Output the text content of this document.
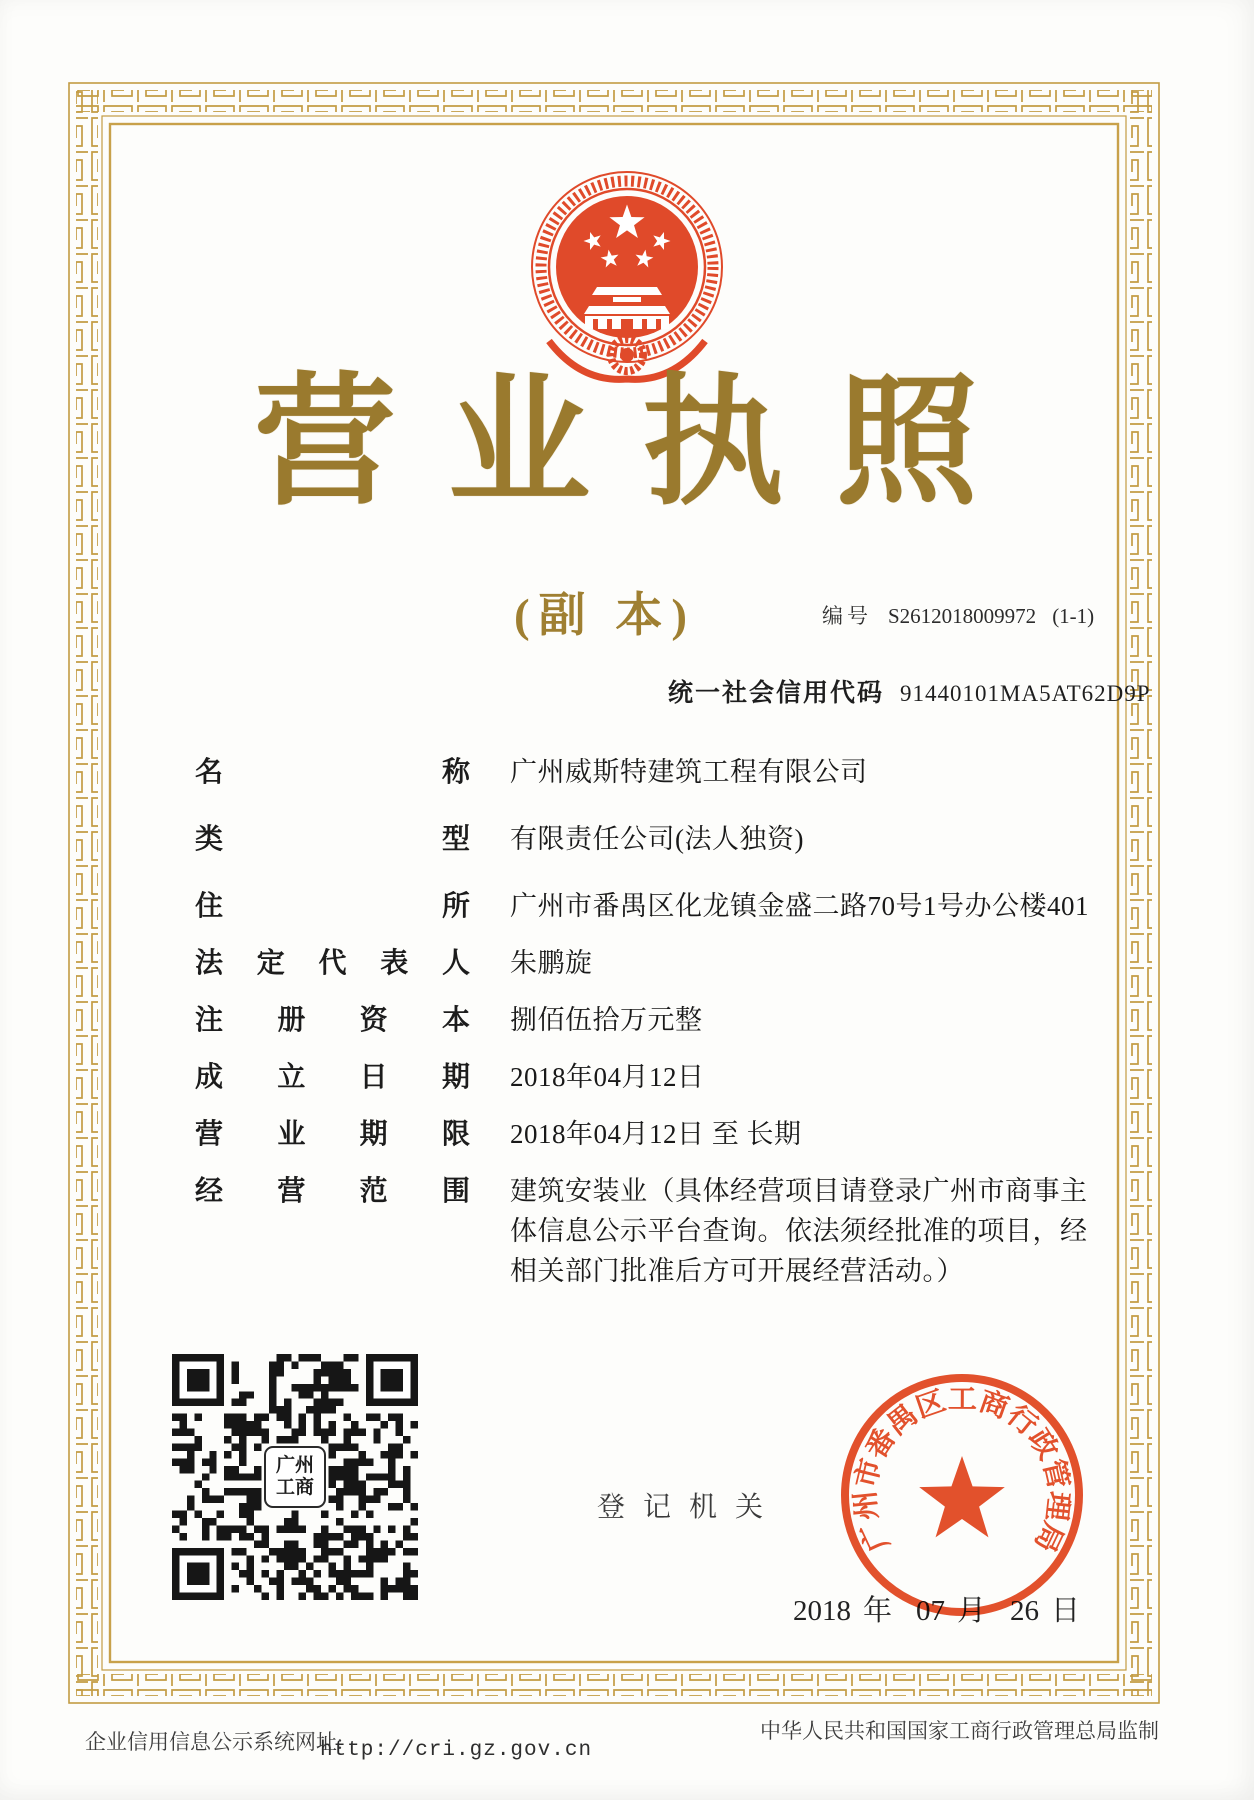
营业执照
(副 本)	编号 S2612018009972 (1-1)
统一社会信用代码 91440101MA5AT62D9P
名	称 广州威斯特建筑工程有限公司
类	型 有限责任公司(法人独资)
住	所 广州市番禺区化龙镇金盛二路70号1号办公楼401
法 定 代 表 人 朱鹏旋
注 册 资 本 捌佰伍拾万元整
成 立 日 期 2018年04月12日
营 业 期 限 2018年04月12日 至 长期
经 营 范 围 建筑安装业（具体经营项目请登录广州市商事主体信息公示平台查询。依法须经批准的项目，经相关部门批准后方可开展经营活动。）
广州
工商
登记机关
2018 年 07 月 26 日
广州市番禺区工商行政管理局
企业信用信息公示系统网址:
http://cri.gz.gov.cn
中华人民共和国国家工商行政管理总局监制
